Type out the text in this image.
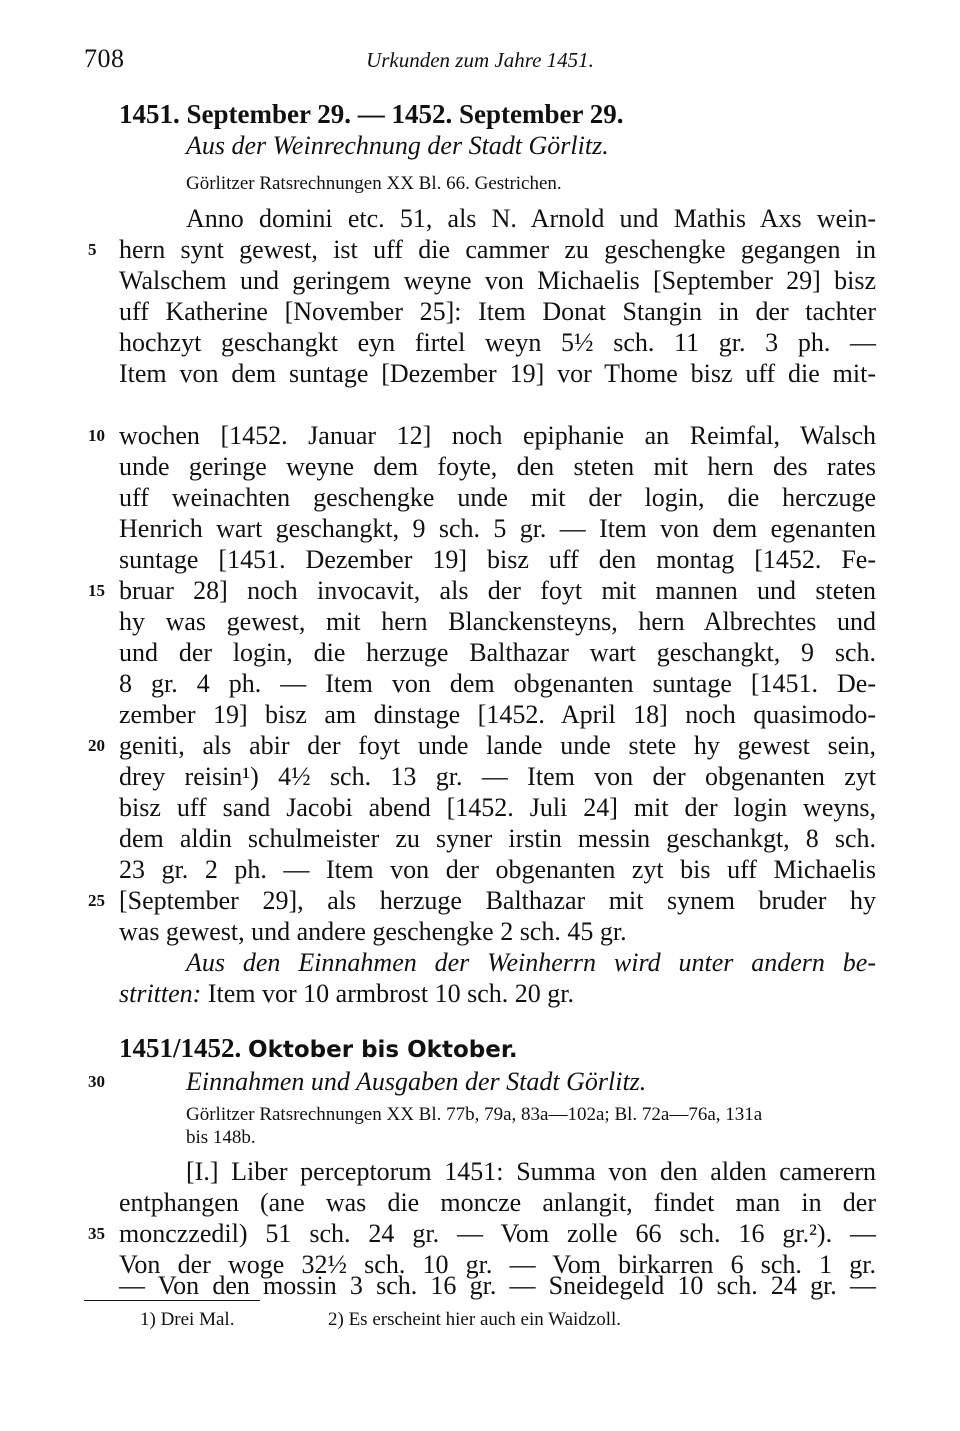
708	Urkunden zum Jahre 1451.
1451. September 29. — 1452. September 29.
Aus der Weinrechnung der Stadt Görlitz.
Görlitzer Ratsrechnungen XX Bl. 66. Gestrichen.
Anno domini etc. 51, als N. Arnold und Mathis Axs wein-
hern synt gewest, ist uff die cammer zu geschengke gegangen in
Walschem und geringem weyne von Michaelis [September 29] bisz
uff Katherine [November 25]: Item Donat Stangin in der tachter
hochzyt geschangkt eyn firtel weyn 5½ sch. 11 gr. 3 ph. —
Item von dem suntage [Dezember 19] vor Thome bisz uff die mit-
wochen [1452. Januar 12] noch epiphanie an Reimfal, Walsch
unde geringe weyne dem foyte, den steten mit hern des rates
uff weinachten geschengke unde mit der login, die herczuge
Henrich wart geschangkt, 9 sch. 5 gr. — Item von dem egenanten
suntage [1451. Dezember 19] bisz uff den montag [1452. Fe-
bruar 28] noch invocavit, als der foyt mit mannen und steten
hy was gewest, mit hern Blanckensteyns, hern Albrechtes und
und der login, die herzuge Balthazar wart geschangkt, 9 sch.
8 gr. 4 ph. — Item von dem obgenanten suntage [1451. De-
zember 19] bisz am dinstage [1452. April 18] noch quasimodo-
geniti, als abir der foyt unde lande unde stete hy gewest sein,
drey reisin¹) 4½ sch. 13 gr. — Item von der obgenanten zyt
bisz uff sand Jacobi abend [1452. Juli 24] mit der login weyns,
dem aldin schulmeister zu syner irstin messin geschankgt, 8 sch.
23 gr. 2 ph. — Item von der obgenanten zyt bis uff Michaelis
[September 29], als herzuge Balthazar mit synem bruder hy
was gewest, und andere geschengke 2 sch. 45 gr.
Aus den Einnahmen der Weinherrn wird unter andern be-
stritten: Item vor 10 armbrost 10 sch. 20 gr.
1451/1452. Oktober bis Oktober.
Einnahmen und Ausgaben der Stadt Görlitz.
Görlitzer Ratsrechnungen XX Bl. 77b, 79a, 83a—102a; Bl. 72a—76a, 131a
bis 148b.
[I.] Liber perceptorum 1451: Summa von den alden camerern
entphangen (ane was die moncze anlangit, findet man in der
monczzedil) 51 sch. 24 gr. — Vom zolle 66 sch. 16 gr.²). —
Von der woge 32½ sch. 10 gr. — Vom birkarren 6 sch. 1 gr.
— Von den mossin 3 sch. 16 gr. — Sneidegeld 10 sch. 24 gr. —
5
10
15
20
25
30
35
1) Drei Mal.	2) Es erscheint hier auch ein Waidzoll.
